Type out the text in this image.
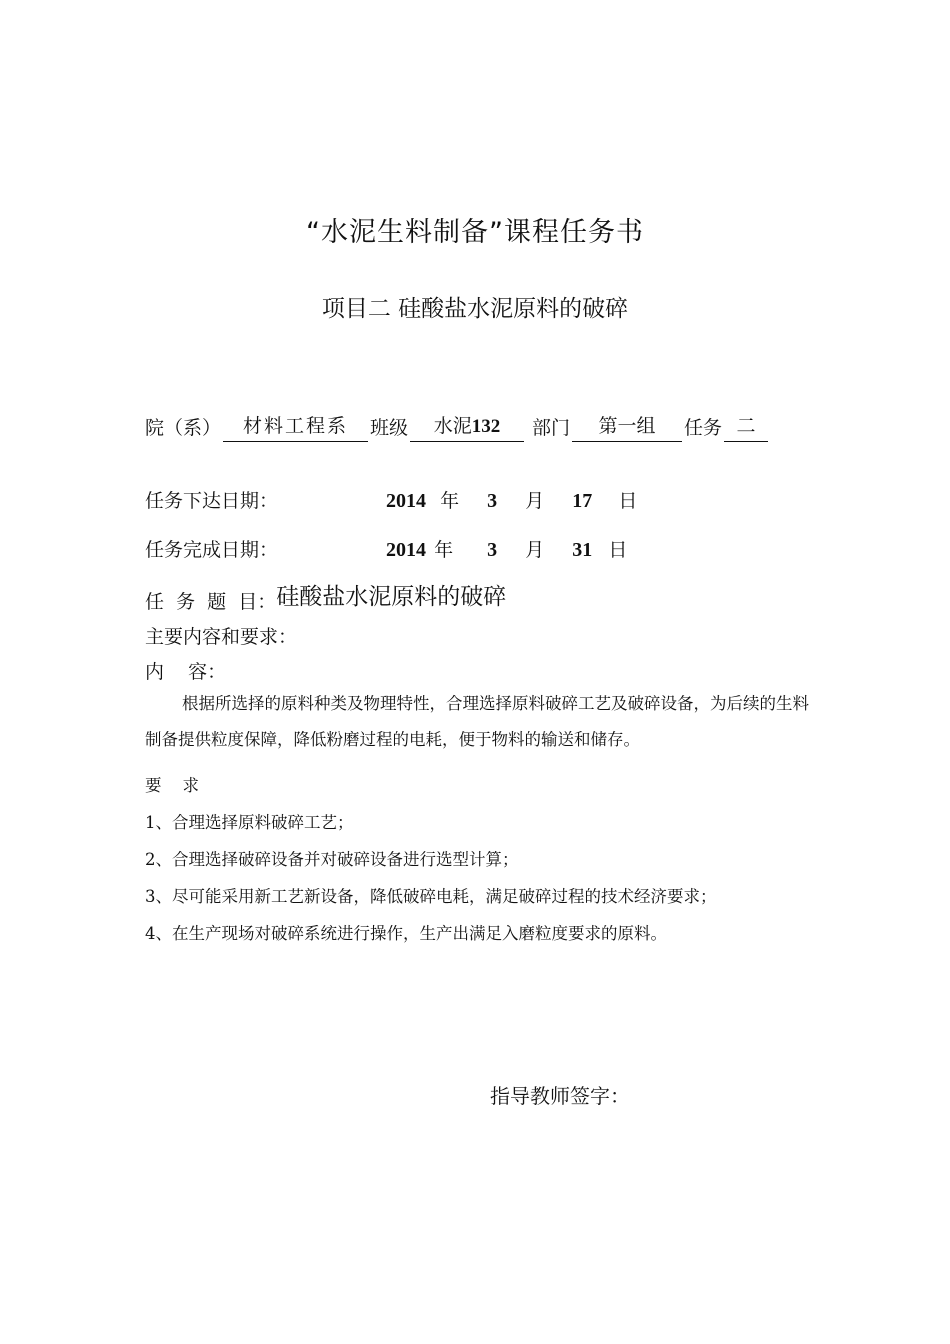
“水泥生料制备”课程任务书
项目二 硅酸盐水泥原料的破碎
院（系）	材料工程系	班级	水泥132	部门	第一组	任务 二
任务下达日期：	2014 年 3 月 17 日
任务完成日期：	2014 年 3 月 31 日
任  务  题  目：硅酸盐水泥原料的破碎
主要内容和要求：
内    容：
根据所选择的原料种类及物理特性，合理选择原料破碎工艺及破碎设备，为后续的生料制备提供粒度保障，降低粉磨过程的电耗，便于物料的输送和储存。
要    求
1、合理选择原料破碎工艺；
2、合理选择破碎设备并对破碎设备进行选型计算；
3、尽可能采用新工艺新设备，降低破碎电耗，满足破碎过程的技术经济要求；
4、在生产现场对破碎系统进行操作，生产出满足入磨粒度要求的原料。
指导教师签字：
